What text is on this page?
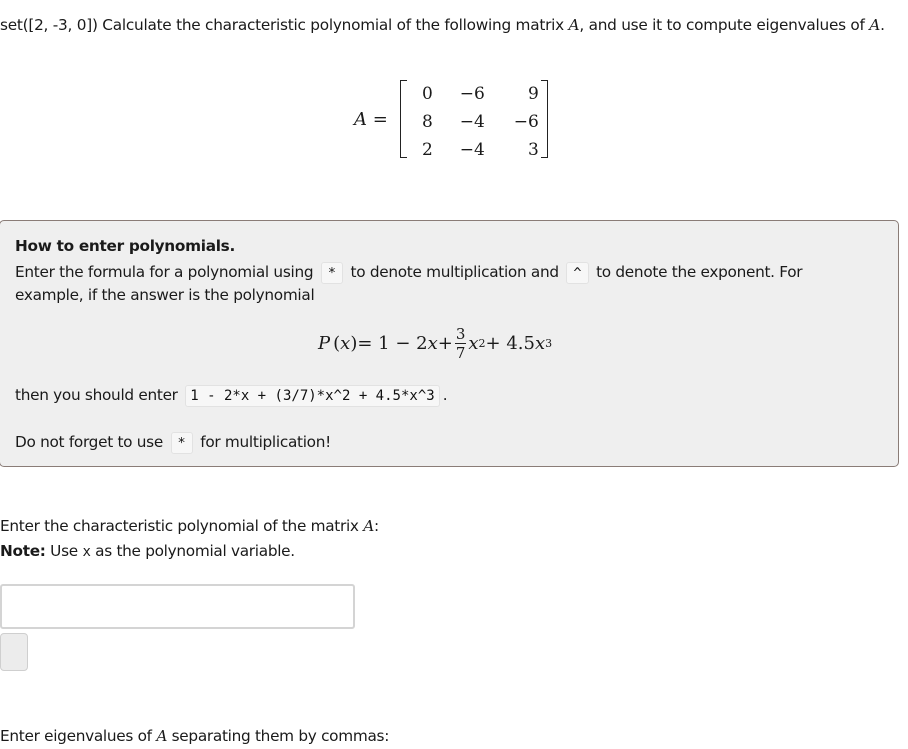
set([2, -3, 0]) Calculate the characteristic polynomial of the following matrix A, and use it to compute eigenvalues of A.
A =
0	−6	9
8	−4	−6
2	−4	3
How to enter polynomials.
Enter the formula for a polynomial using * to denote multiplication and ^ to denote the exponent. For example, if the answer is the polynomial
P (x) = 1 − 2 $x + \frac{3}{7}$ x 2 + 4.5 x 3
then you should enter 1 - 2*x + (3/7)*x^2 + 4.5*x^3 .
Do not forget to use * for multiplication!
Enter the characteristic polynomial of the matrix A:
Note: Use x as the polynomial variable.
Enter eigenvalues of A separating them by commas:
